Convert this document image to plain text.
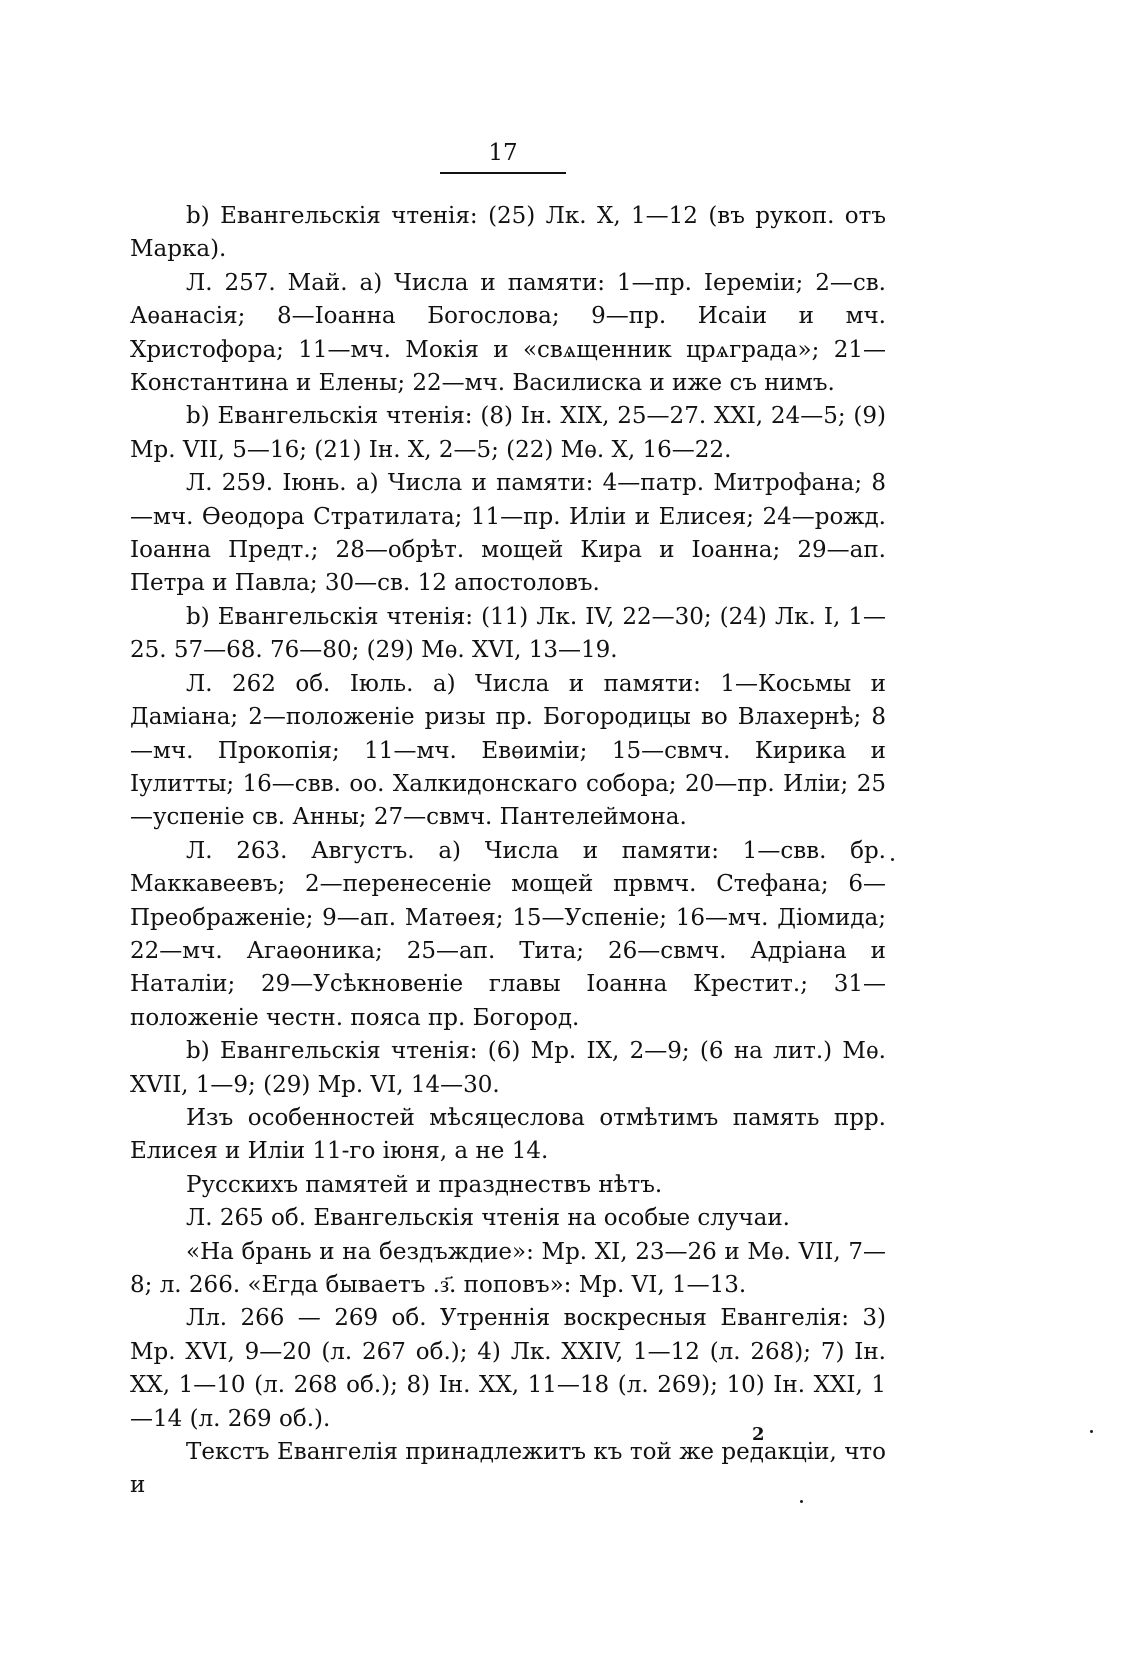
17

b) Евангельскiя чтенiя: (25) Лк. X, 1—12 (въ рукоп. отъ Марка).

Л. 257. Май. a) Числа и памяти: 1—пр. Iеремiи; 2—св. Аѳанасiя; 8—Iоанна Богослова; 9—пр. Исаiи и мч. Христофора; 11—мч. Мокiя и «свѧщенник црѧграда»; 21—Константина и Елены; 22—мч. Василиска и иже съ нимъ.

b) Евангельскiя чтенiя: (8) Iн. XIX, 25—27. XXI, 24—5; (9) Мр. VII, 5—16; (21) Iн. X, 2—5; (22) Мѳ. X, 16—22.

Л. 259. Iюнь. a) Числа и памяти: 4—патр. Митрофана; 8—мч. Ѳеодора Стратилата; 11—пр. Илiи и Елисея; 24—рожд. Iоанна Предт.; 28—обрѣт. мощей Кира и Iоанна; 29—ап. Петра и Павла; 30—св. 12 апостоловъ.

b) Евангельскiя чтенiя: (11) Лк. IV, 22—30; (24) Лк. I, 1—25. 57—68. 76—80; (29) Мѳ. XVI, 13—19.

Л. 262 об. Iюль. a) Числа и памяти: 1—Косьмы и Дамiана; 2—положенiе ризы пр. Богородицы во Влахернѣ; 8—мч. Прокопiя; 11—мч. Евѳимiи; 15—свмч. Кирика и Iулитты; 16—свв. оо. Халкидонскаго собора; 20—пр. Илiи; 25—успенiе св. Анны; 27—свмч. Пантелеймона.

Л. 263. Августъ. a) Числа и памяти: 1—свв. бр. Маккавеевъ; 2—перенесенiе мощей првмч. Стефана; 6—Преображенiе; 9—ап. Матѳея; 15—Успенiе; 16—мч. Дiомида; 22—мч. Агаѳоника; 25—ап. Тита; 26—свмч. Адрiана и Наталiи; 29—Усѣкновенiе главы Iоанна Крестит.; 31—положенiе честн. пояса пр. Богород.

b) Евангельскiя чтенiя: (6) Мр. IX, 2—9; (6 на лит.) Мѳ. XVII, 1—9; (29) Мр. VI, 14—30.

Изъ особенностей мѣсяцеслова отмѣтимъ память прр. Елисея и Илiи 11-го iюня, а не 14.

Русскихъ памятей и празднествъ нѣтъ.

Л. 265 об. Евангельскiя чтенiя на особые случаи.

«На брань и на бездъждие»: Мр. XI, 23—26 и Мѳ. VII, 7—8; л. 266. «Егда бываетъ .з҃. поповъ»: Мр. VI, 1—13.

Лл. 266 — 269 об. Утреннiя воскресныя Евангелiя: 3) Мр. XVI, 9—20 (л. 267 об.); 4) Лк. XXIV, 1—12 (л. 268); 7) Iн. XX, 1—10 (л. 268 об.); 8) Iн. XX, 11—18 (л. 269); 10) Iн. XXI, 1—14 (л. 269 об.).

Текстъ Евангелiя принадлежитъ къ той же редакцiи, что и

2
